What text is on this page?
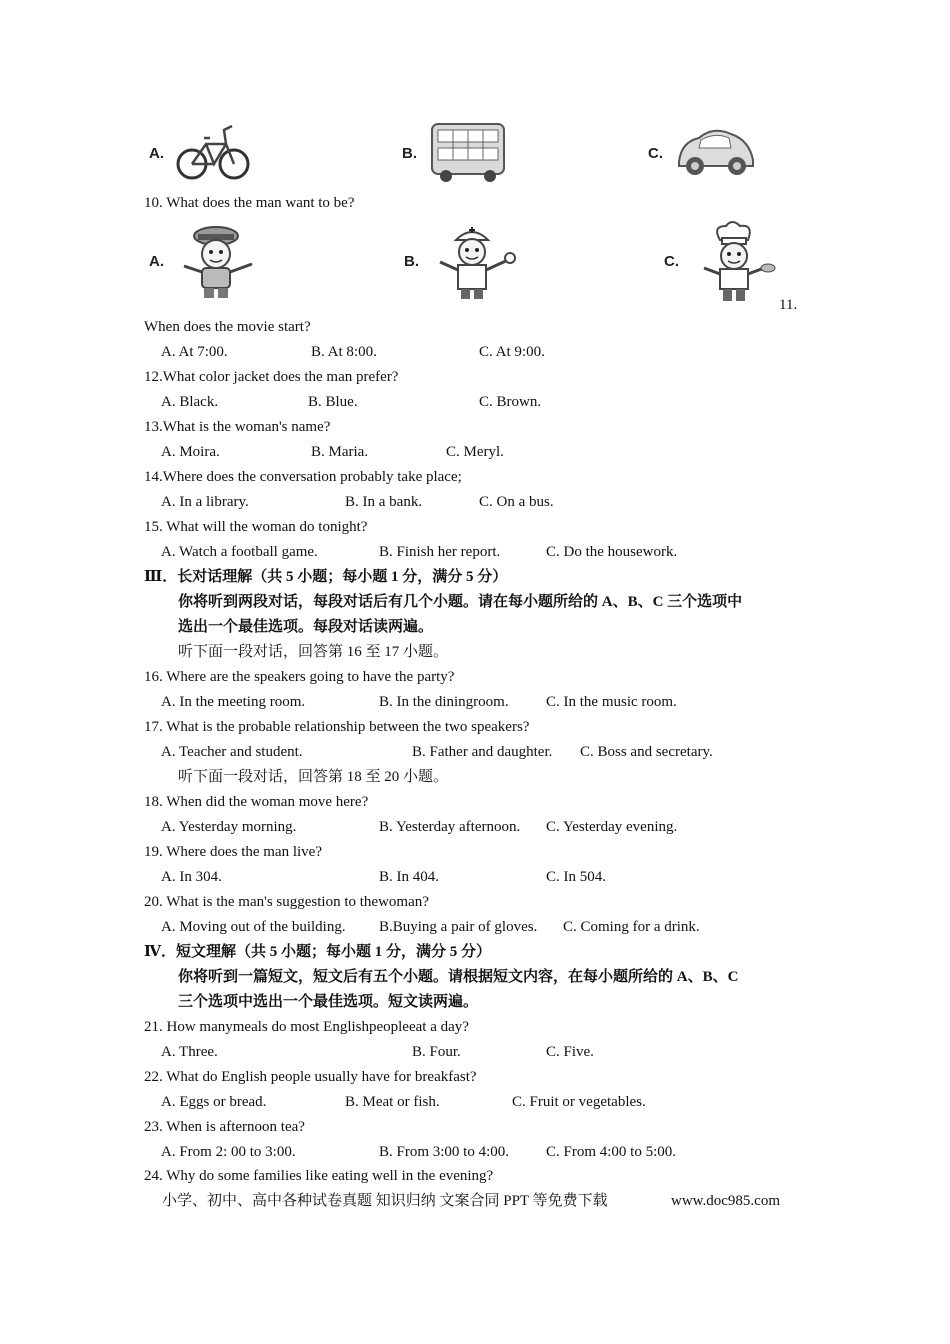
A.	B.	C.
10. What does the man want to be?
A.	B.	C.
11.
When does the movie start?
A. At 7:00.	B. At 8:00.	C. At 9:00.
12.What color jacket does the man prefer?
A. Black.	B. Blue.	C. Brown.
13.What is the woman's name?
A. Moira.	B. Maria.	C. Meryl.
14.Where does the conversation probably take place;
A. In a library.	B. In a bank.	C. On a bus.
15. What will the woman do tonight?
A. Watch a football game.	B. Finish her report.	C. Do the housework.
Ⅲ．长对话理解（共 5 小题；每小题 1 分，满分 5 分）
你将听到两段对话，每段对话后有几个小题。请在每小题所给的 A、B、C 三个选项中
选出一个最佳选项。每段对话读两遍。
听下面一段对话，回答第 16 至 17 小题。
16. Where are the speakers going to have the party?
A. In the meeting room.	B. In the diningroom. C. In the music room.
17. What is the probable relationship between the two speakers?
A. Teacher and student.	B. Father and daughter. C. Boss and secretary.
听下面一段对话，回答第 18 至 20 小题。
18. When did the woman move here?
A. Yesterday morning.	B. Yesterday afternoon. C. Yesterday evening.
19. Where does the man live?
A. In 304.	B. In 404.	C. In 504.
20. What is the man's suggestion to thewoman?
A. Moving out of the building. B.Buying a pair of gloves. C. Coming for a drink.
Ⅳ．短文理解（共 5 小题；每小题 1 分，满分 5 分）
你将听到一篇短文，短文后有五个小题。请根据短文内容，在每小题所给的 A、B、C
三个选项中选出一个最佳选项。短文读两遍。
21. How manymeals do most Englishpeopleeat a day?
A. Three.	B. Four.	C. Five.
22. What do English people usually have for breakfast?
A. Eggs or bread.	B. Meat or fish.	C. Fruit or vegetables.
23. When is afternoon tea?
A. From 2: 00 to 3:00.	B. From 3:00 to 4:00. C. From 4:00 to 5:00.
24. Why do some families like eating well in the evening?
小学、初中、高中各种试卷真题 知识归纳 文案合同 PPT 等免费下载	www.doc985.com
